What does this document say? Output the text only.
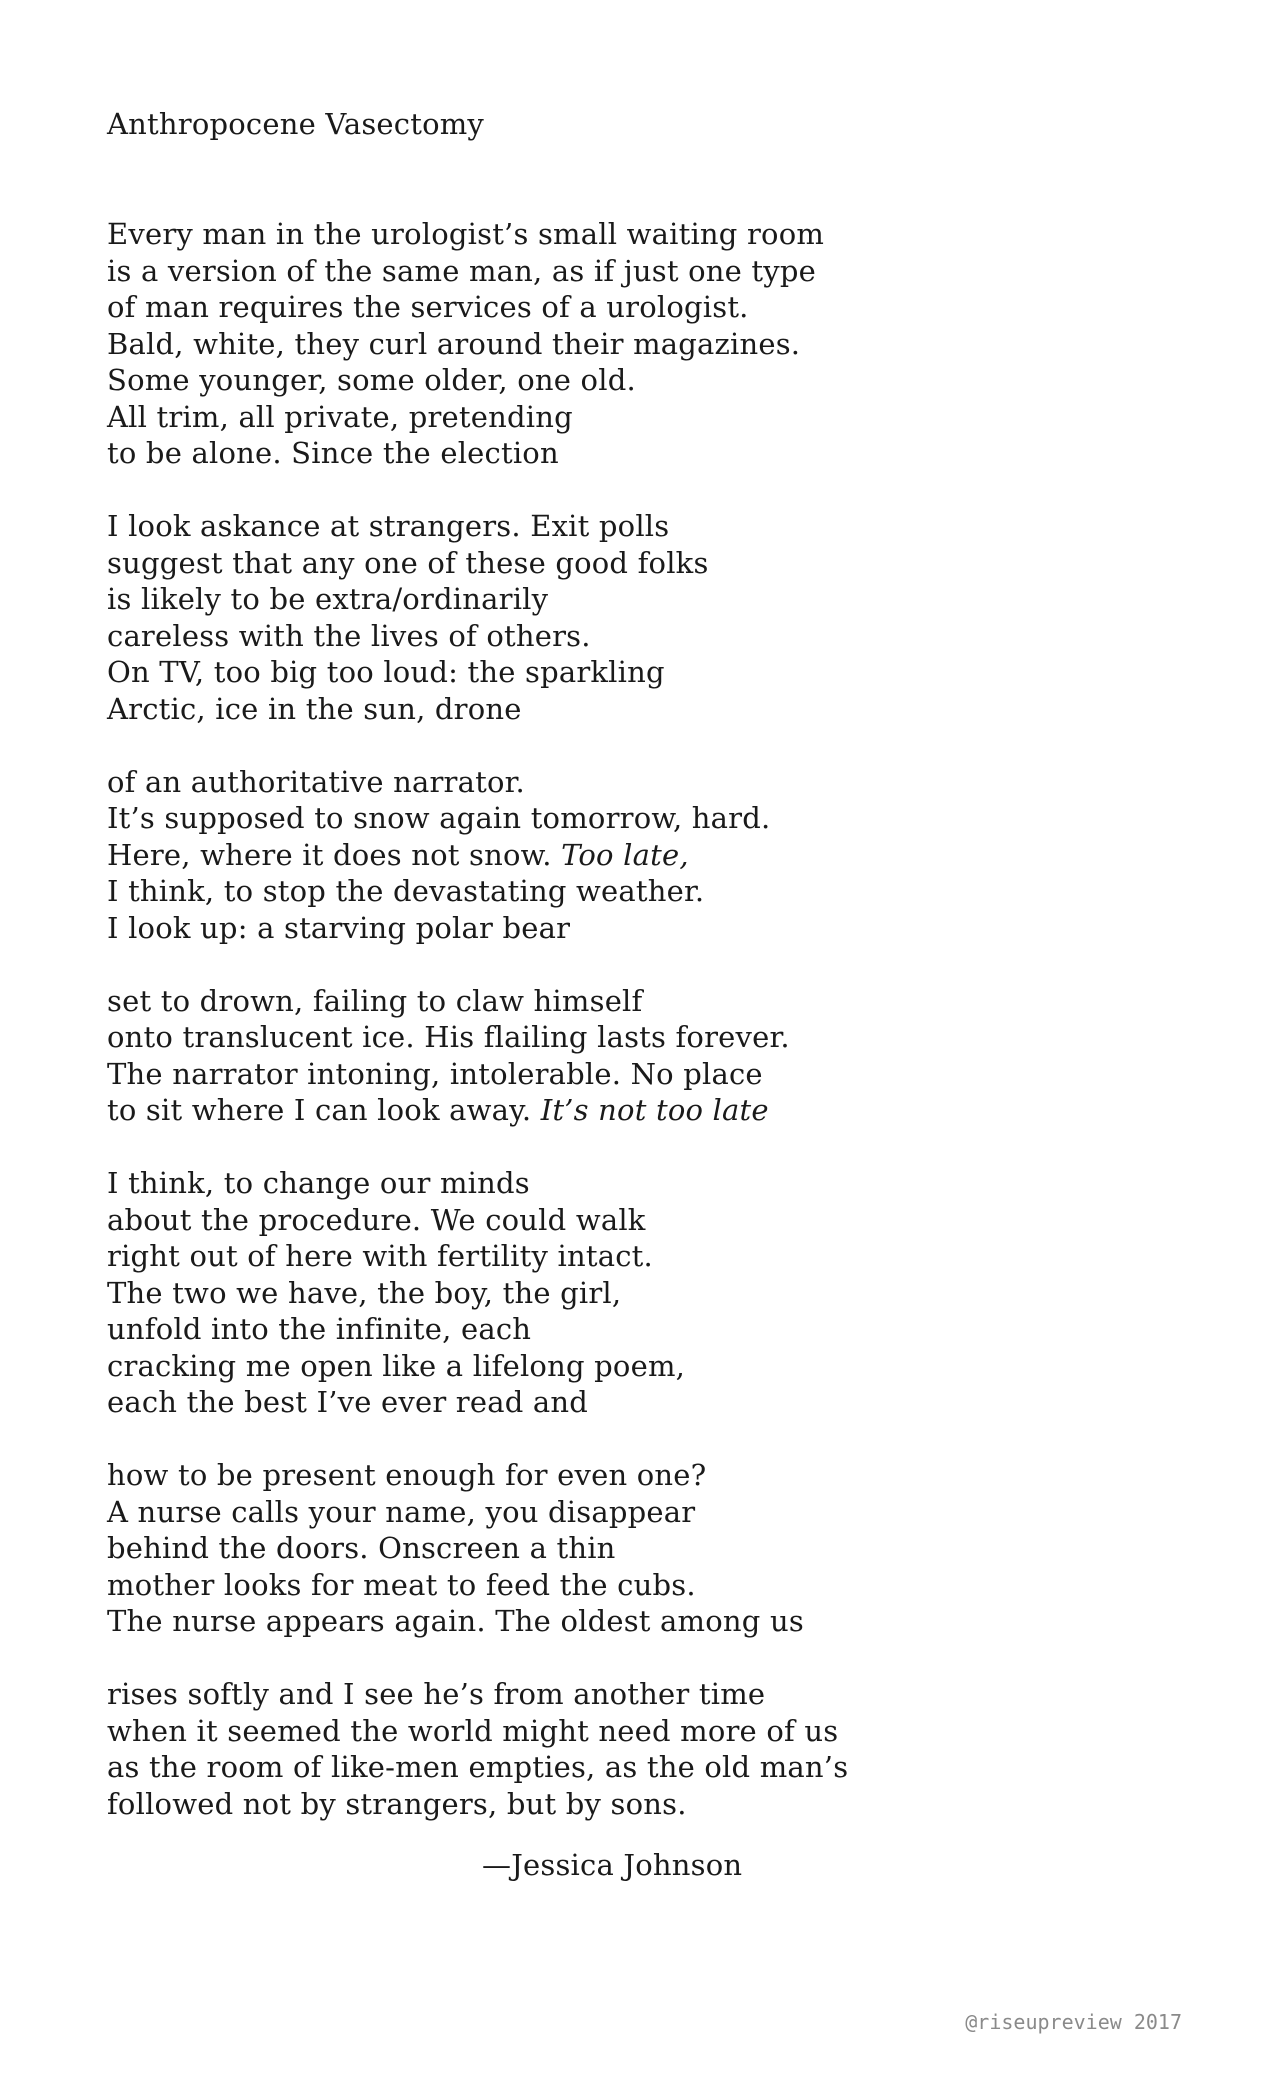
Anthropocene Vasectomy
Every man in the urologist’s small waiting room
is a version of the same man, as if just one type
of man requires the services of a urologist.
Bald, white, they curl around their magazines.
Some younger, some older, one old.
All trim, all private, pretending
to be alone. Since the election
I look askance at strangers. Exit polls
suggest that any one of these good folks
is likely to be extra/ordinarily
careless with the lives of others.
On TV, too big too loud: the sparkling
Arctic, ice in the sun, drone
of an authoritative narrator.
It’s supposed to snow again tomorrow, hard.
Here, where it does not snow. Too late,
I think, to stop the devastating weather.
I look up: a starving polar bear
set to drown, failing to claw himself
onto translucent ice. His flailing lasts forever.
The narrator intoning, intolerable. No place
to sit where I can look away. It’s not too late
I think, to change our minds
about the procedure. We could walk
right out of here with fertility intact.
The two we have, the boy, the girl,
unfold into the infinite, each
cracking me open like a lifelong poem,
each the best I’ve ever read and
how to be present enough for even one?
A nurse calls your name, you disappear
behind the doors. Onscreen a thin
mother looks for meat to feed the cubs.
The nurse appears again. The oldest among us
rises softly and I see he’s from another time
when it seemed the world might need more of us
as the room of like-men empties, as the old man’s
followed not by strangers, but by sons.
—Jessica Johnson
@riseupreview 2017
